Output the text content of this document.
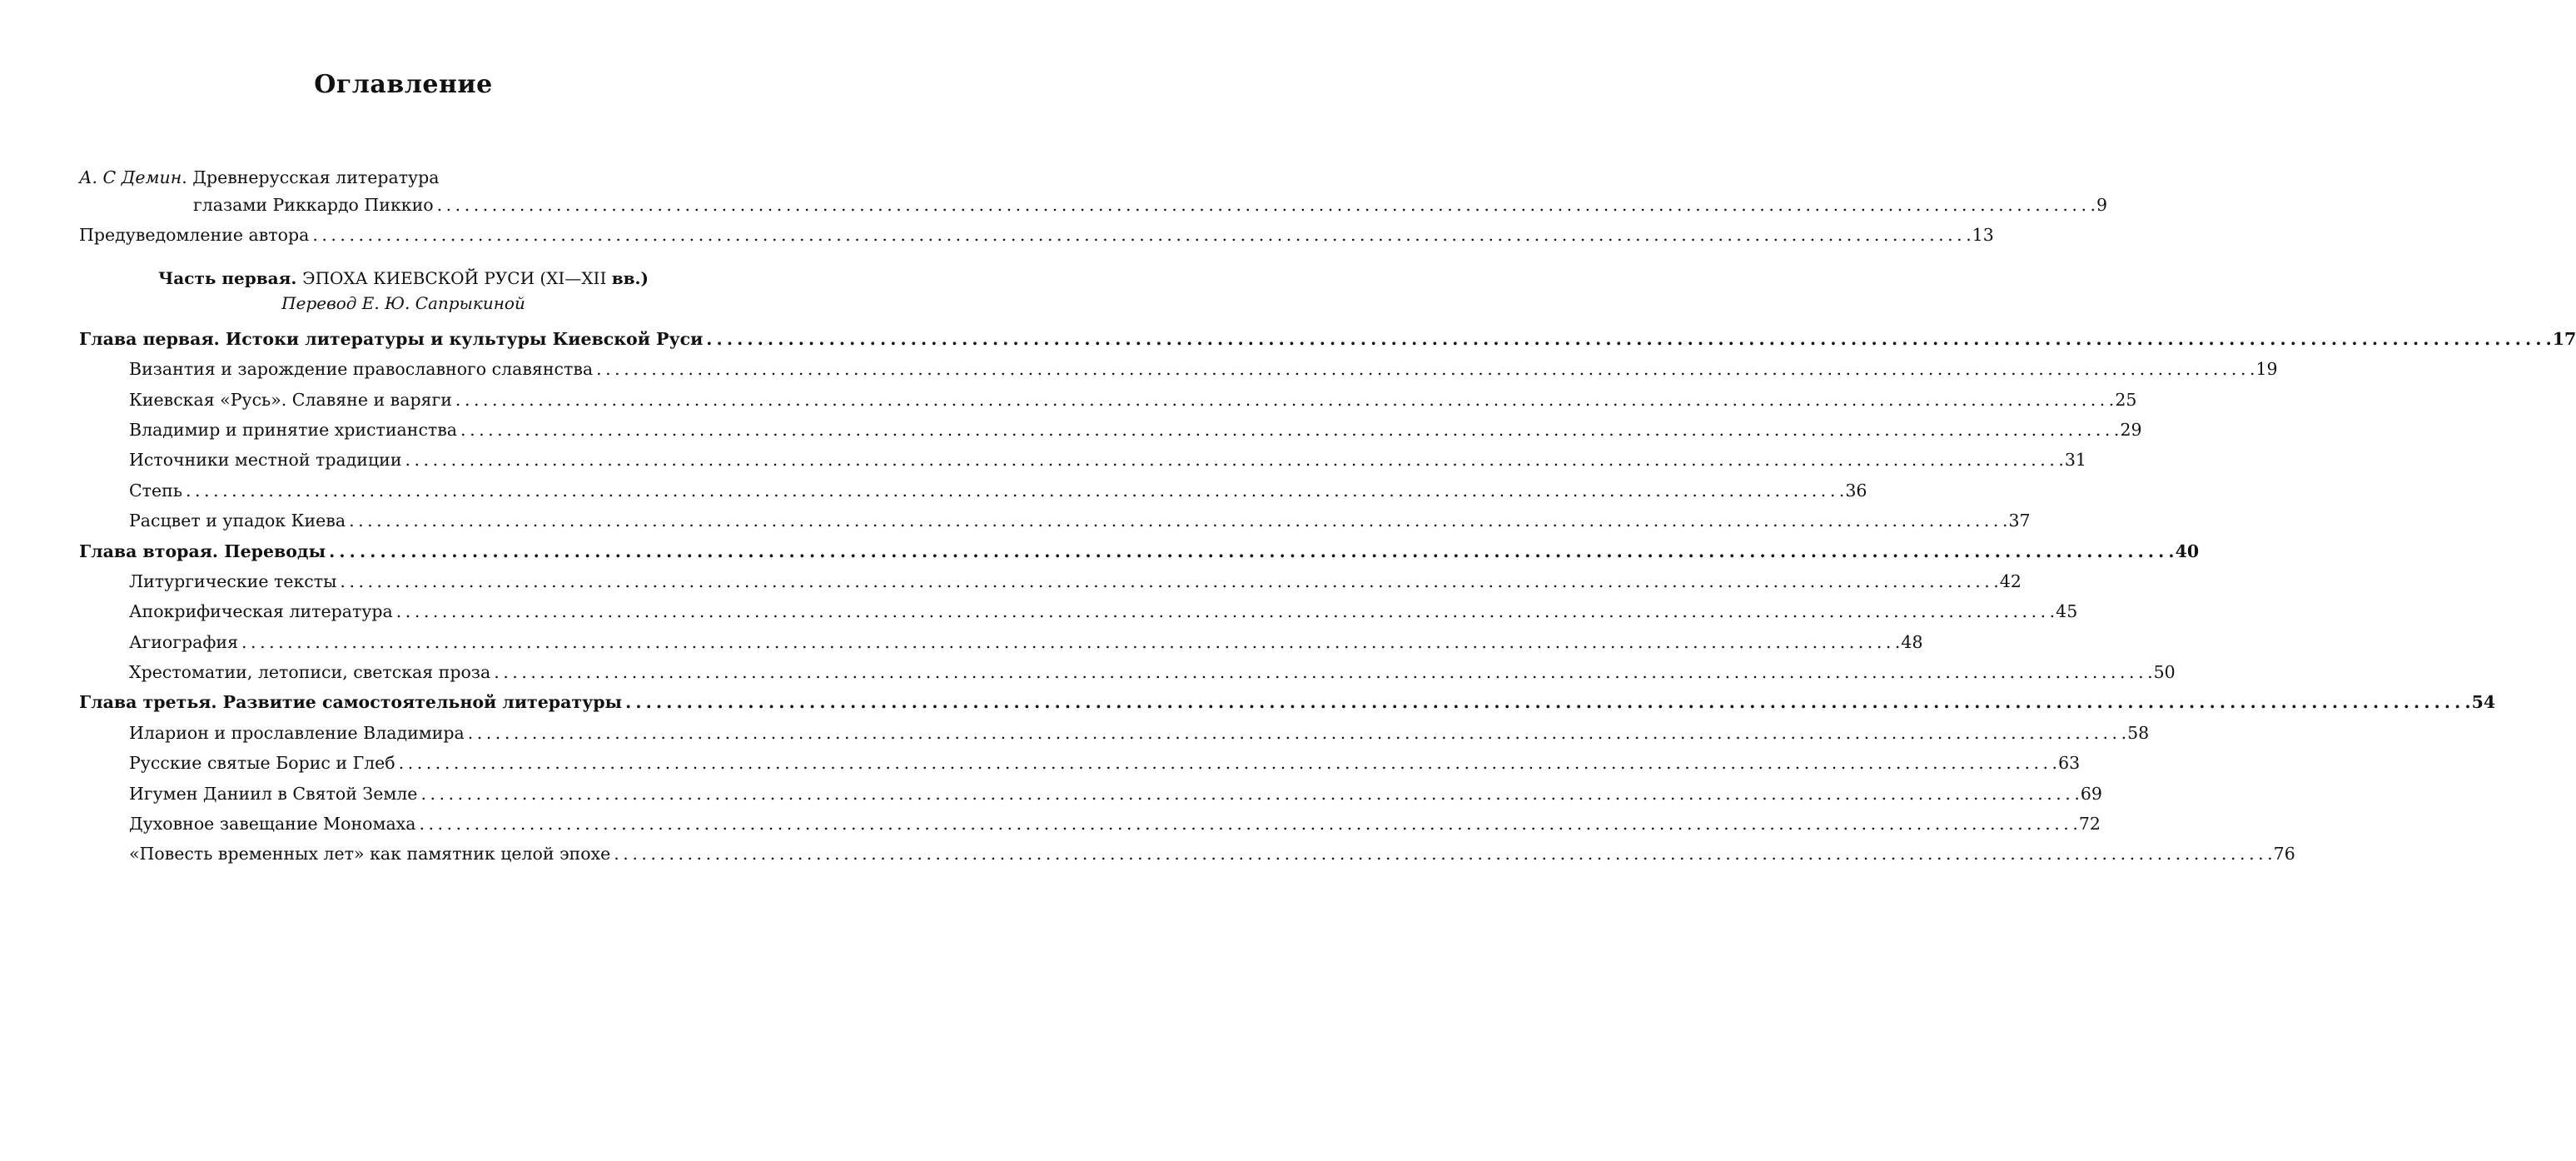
Оглавление
А. С Демин. Древнерусская литература
глазами Риккардо Пиккио . . .	9
Предуведомление автора . . .	13
Часть первая. ЭПОХА КИЕВСКОЙ РУСИ (XI—XII вв.)
Перевод Е. Ю. Сапрыкиной
Глава первая. Истоки литературы и культуры Киевской Руси . . .	17
Византия и зарождение православного славянства . . .	19
Киевская «Русь». Славяне и варяги . . .	25
Владимир и принятие христианства . . .	29
Источники местной традиции . . .	31
Степь . . .	36
Расцвет и упадок Киева . . .	37
Глава вторая. Переводы . . .	40
Литургические тексты . . .	42
Апокрифическая литература . . .	45
Агиография . . .	48
Хрестоматии, летописи, светская проза . . .	50
Глава третья. Развитие самостоятельной литературы . . .	54
Иларион и прославление Владимира . . .	58
Русские святые Борис и Глеб . . .	63
Игумен Даниил в Святой Земле . . .	69
Духовное завещание Мономаха . . .	72
«Повесть временных лет» как памятник целой эпохе . . .	76
